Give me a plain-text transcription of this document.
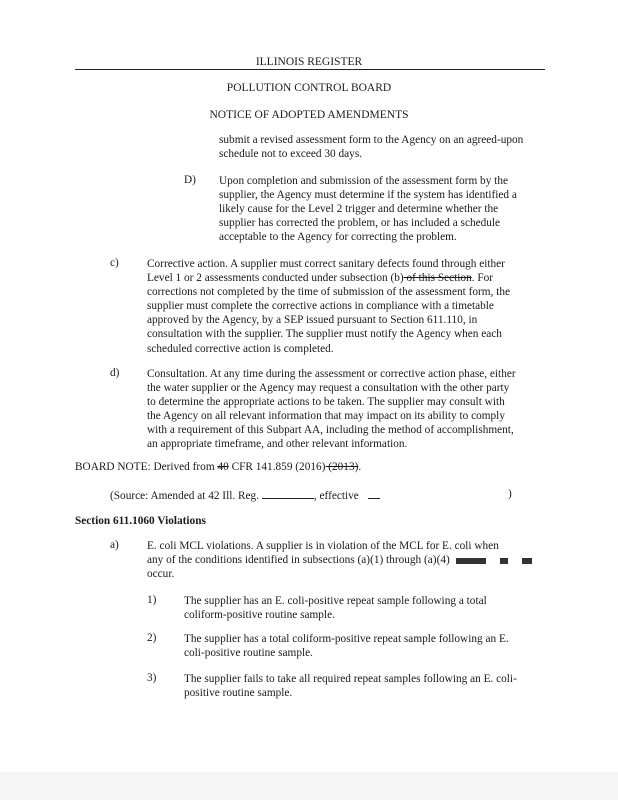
ILLINOIS REGISTER
POLLUTION CONTROL BOARD
NOTICE OF ADOPTED AMENDMENTS
submit a revised assessment form to the Agency on an agreed-upon
schedule not to exceed 30 days.
D) Upon completion and submission of the assessment form by the
supplier, the Agency must determine if the system has identified a
likely cause for the Level 2 trigger and determine whether the
supplier has corrected the problem, or has included a schedule
acceptable to the Agency for correcting the problem.
c) Corrective action. A supplier must correct sanitary defects found through either
Level 1 or 2 assessments conducted under subsection (b) of this Section. For
corrections not completed by the time of submission of the assessment form, the
supplier must complete the corrective actions in compliance with a timetable
approved by the Agency, by a SEP issued pursuant to Section 611.110, in
consultation with the supplier. The supplier must notify the Agency when each
scheduled corrective action is completed.
d) Consultation. At any time during the assessment or corrective action phase, either
the water supplier or the Agency may request a consultation with the other party
to determine the appropriate actions to be taken. The supplier may consult with
the Agency on all relevant information that may impact on its ability to comply
with a requirement of this Subpart AA, including the method of accomplishment,
an appropriate timeframe, and other relevant information.
BOARD NOTE: Derived from 40 CFR 141.859 (2016) (2013).
(Source: Amended at 42 Ill. Reg.	, effective	)
Section 611.1060 Violations
a) E. coli MCL violations. A supplier is in violation of the MCL for E. coli when
any of the conditions identified in subsections (a)(1) through (a)(4)
occur.
1) The supplier has an E. coli-positive repeat sample following a total
coliform-positive routine sample.
2) The supplier has a total coliform-positive repeat sample following an E.
coli-positive routine sample.
3) The supplier fails to take all required repeat samples following an E. coli-
positive routine sample.
